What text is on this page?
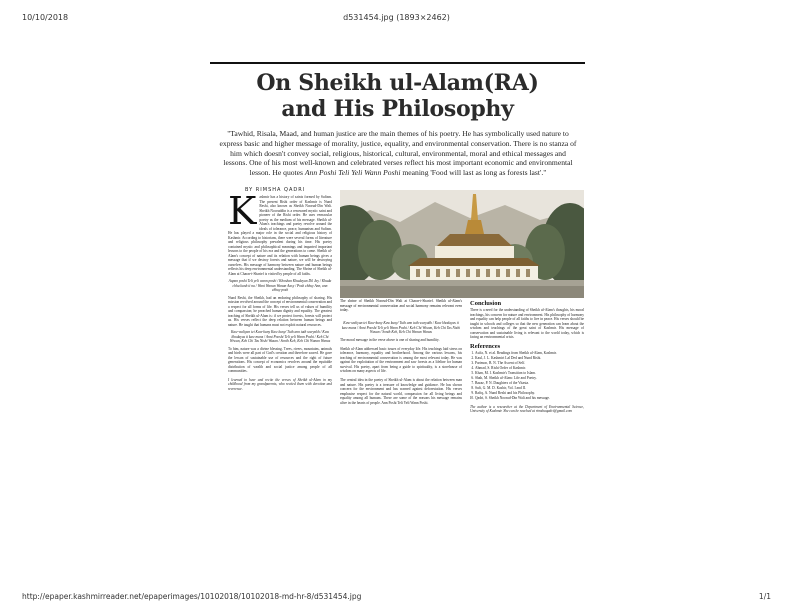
10/10/2018	d531454.jpg (1893×2462)
On Sheikh ul-Alam(RA)
and His Philosophy
"Tawhid, Risala, Maad, and human justice are the main themes of his poetry. He has symbolically used nature to express basic and higher message of morality, justice, equality, and environmental conservation. There is no stanza of him which doesn't convey social, religious, historical, cultural, environmental, moral and ethical messages and lessons. One of his most well-known and celebrated verses reflect his most important economic and environmental lesson. He quotes Ann Poshi Teli Yeli Wann Poshi meaning 'Food will last as long as forests last'."
BY RIMSHA QADRI
K ashmir has a history of saints formed by Sufism. The present Rishi order of Kashmir is Nund Reshi, also known as Sheikh Noorud-Din Wali. Sheikh Nooruddin is a renowned mystic saint and pioneer of the Rishi order. He uses vernacular poetry as the medium of his message. Sheikh ul-Alam's teachings and poetry revolve around the ideals of tolerance, peace, humanism and Sufism. He has played a major role in the social and religious history of Kashmir. According to historians, there were several forms of literature and religious philosophy prevalent during his time. His poetry contained mystic and philosophical meanings and imparted important lessons to the people of his era and the generations to come. Sheikh ul-Alam's concept of nature and its relation with human beings gives a message that if we destroy forests and nature, we will be destroying ourselves. His message of harmony between nature and human beings reflects his deep environmental understanding. The Shrine of Sheikh ul-Alam at Charar-i-Sharief is visited by people of all faiths.
Aapan poshi Teli yeli wann poshi / Khoshan Khudayan Dil Jay / Khuda chhu kanh ti na / Wani Wanan Wanan Aasy / Posh chhuy Ann, ann chhuy posh
Nund Reshi, the Sheikh, had an enduring philosophy of sharing. His mission revolved around the concept of environmental conservation and a respect for all forms of life. His verses tell us of values of humility and compassion; he preached human dignity and equality. The greatest teaching of Sheikh ul-Alam is: if we protect forests, forests will protect us. His verses reflect the deep relation between human beings and nature. He taught that humans must not exploit natural resources.
Kaw-waliyan tei Kaw-kuny Kaw kuny/ Tuth ann tuth waryakh / Kaw khodayas ti kaw manz / Anni Pooshi Teli yeli Wann Poshi / Keh Chi Wiwan, Keh Chi Tas Nishi Wasan / Sonth Keh, Keh Chi Wanan Wanas
To him, nature was a divine blessing. Trees, rivers, mountains, animals and birds were all part of God's creation and therefore sacred. He gave the lesson of sustainable use of resources and the right of future generations. His concept of economics revolves around the equitable distribution of wealth and social justice among people of all communities.
I learned to hear and recite the verses of Sheikh ul-Alam in my childhood from my grandparents, who recited them with devotion and reverence.
The shrine of Sheikh Noorud-Din Wali at Charar-i-Sharief. Sheikh ul-Alam's message of environmental conservation and social harmony remains relevant even today.
Kaw-waliyan tei Kaw-kuny Kaw kuny/ Tuth ann tuth waryakh / Kaw khodayas ti kaw manz / Anni Pooshi Teli yeli Wann Poshi / Keh Chi Wiwan, Keh Chi Tas Nishi Wasan / Sonth Keh, Keh Chi Wanan Wanas
The moral message in the verse above is one of sharing and humility.

Sheikh ul-Alam addressed basic issues of everyday life. His teachings laid stress on tolerance, harmony, equality and brotherhood. Among the various lessons, his teaching of environmental conservation is among the most relevant today. He was against the exploitation of the environment and saw forests as a lifeline for human survival. His poetry, apart from being a guide to spirituality, is a storehouse of wisdom on many aspects of life.

The central idea in the poetry of Sheikh ul-Alam is about the relation between man and nature. His poetry is a treasure of knowledge and guidance. He has shown concern for the environment and has warned against deforestation. His verses emphasise respect for the natural world, compassion for all living beings and equality among all humans. These are some of the reasons his message remains alive in the hearts of people. Ann Poshi Teli Yeli Wann Poshi.
Conclusion
There is a need for the understanding of Sheikh ul-Alam's thoughts, his moral teachings, his concern for nature and environment. His philosophy of harmony and equality can help people of all faiths to live in peace. His verses should be taught in schools and colleges so that the new generation can learn about the wisdom and teachings of the great saint of Kashmir. His message of conservation and sustainable living is relevant to the world today, which is facing an environmental crisis.
References
1. Asifa, N. et al. Readings from Sheikh ul-Alam, Kashmir.
2. Kaul, J. L. Kashmiri Lal Ded and Nund Rishi.
3. Parimoo, B. N. The Ascent of Self.
4. Ahmad, S. Rishi Order of Kashmir.
5. Khan, M. I. Kashmir's Transition to Islam.
6. Shah, M. Sheikh ul-Alam: Life and Poetry.
7. Bazaz, P. N. Daughters of the Vitasta.
8. Sufi, G. M. D. Kashir, Vol. I and II.
9. Rafiq, A. Nund Reshi and his Philosophy.
10. Qadri, S. Sheikh Noorud-Din Wali and his message.
The author is a researcher at the Department of Environmental Science, University of Kashmir. She can be reached at rimshaqadri@gmail.com
http://epaper.kashmirreader.net/epaperimages/10102018/10102018-md-hr-8/d531454.jpg	1/1
